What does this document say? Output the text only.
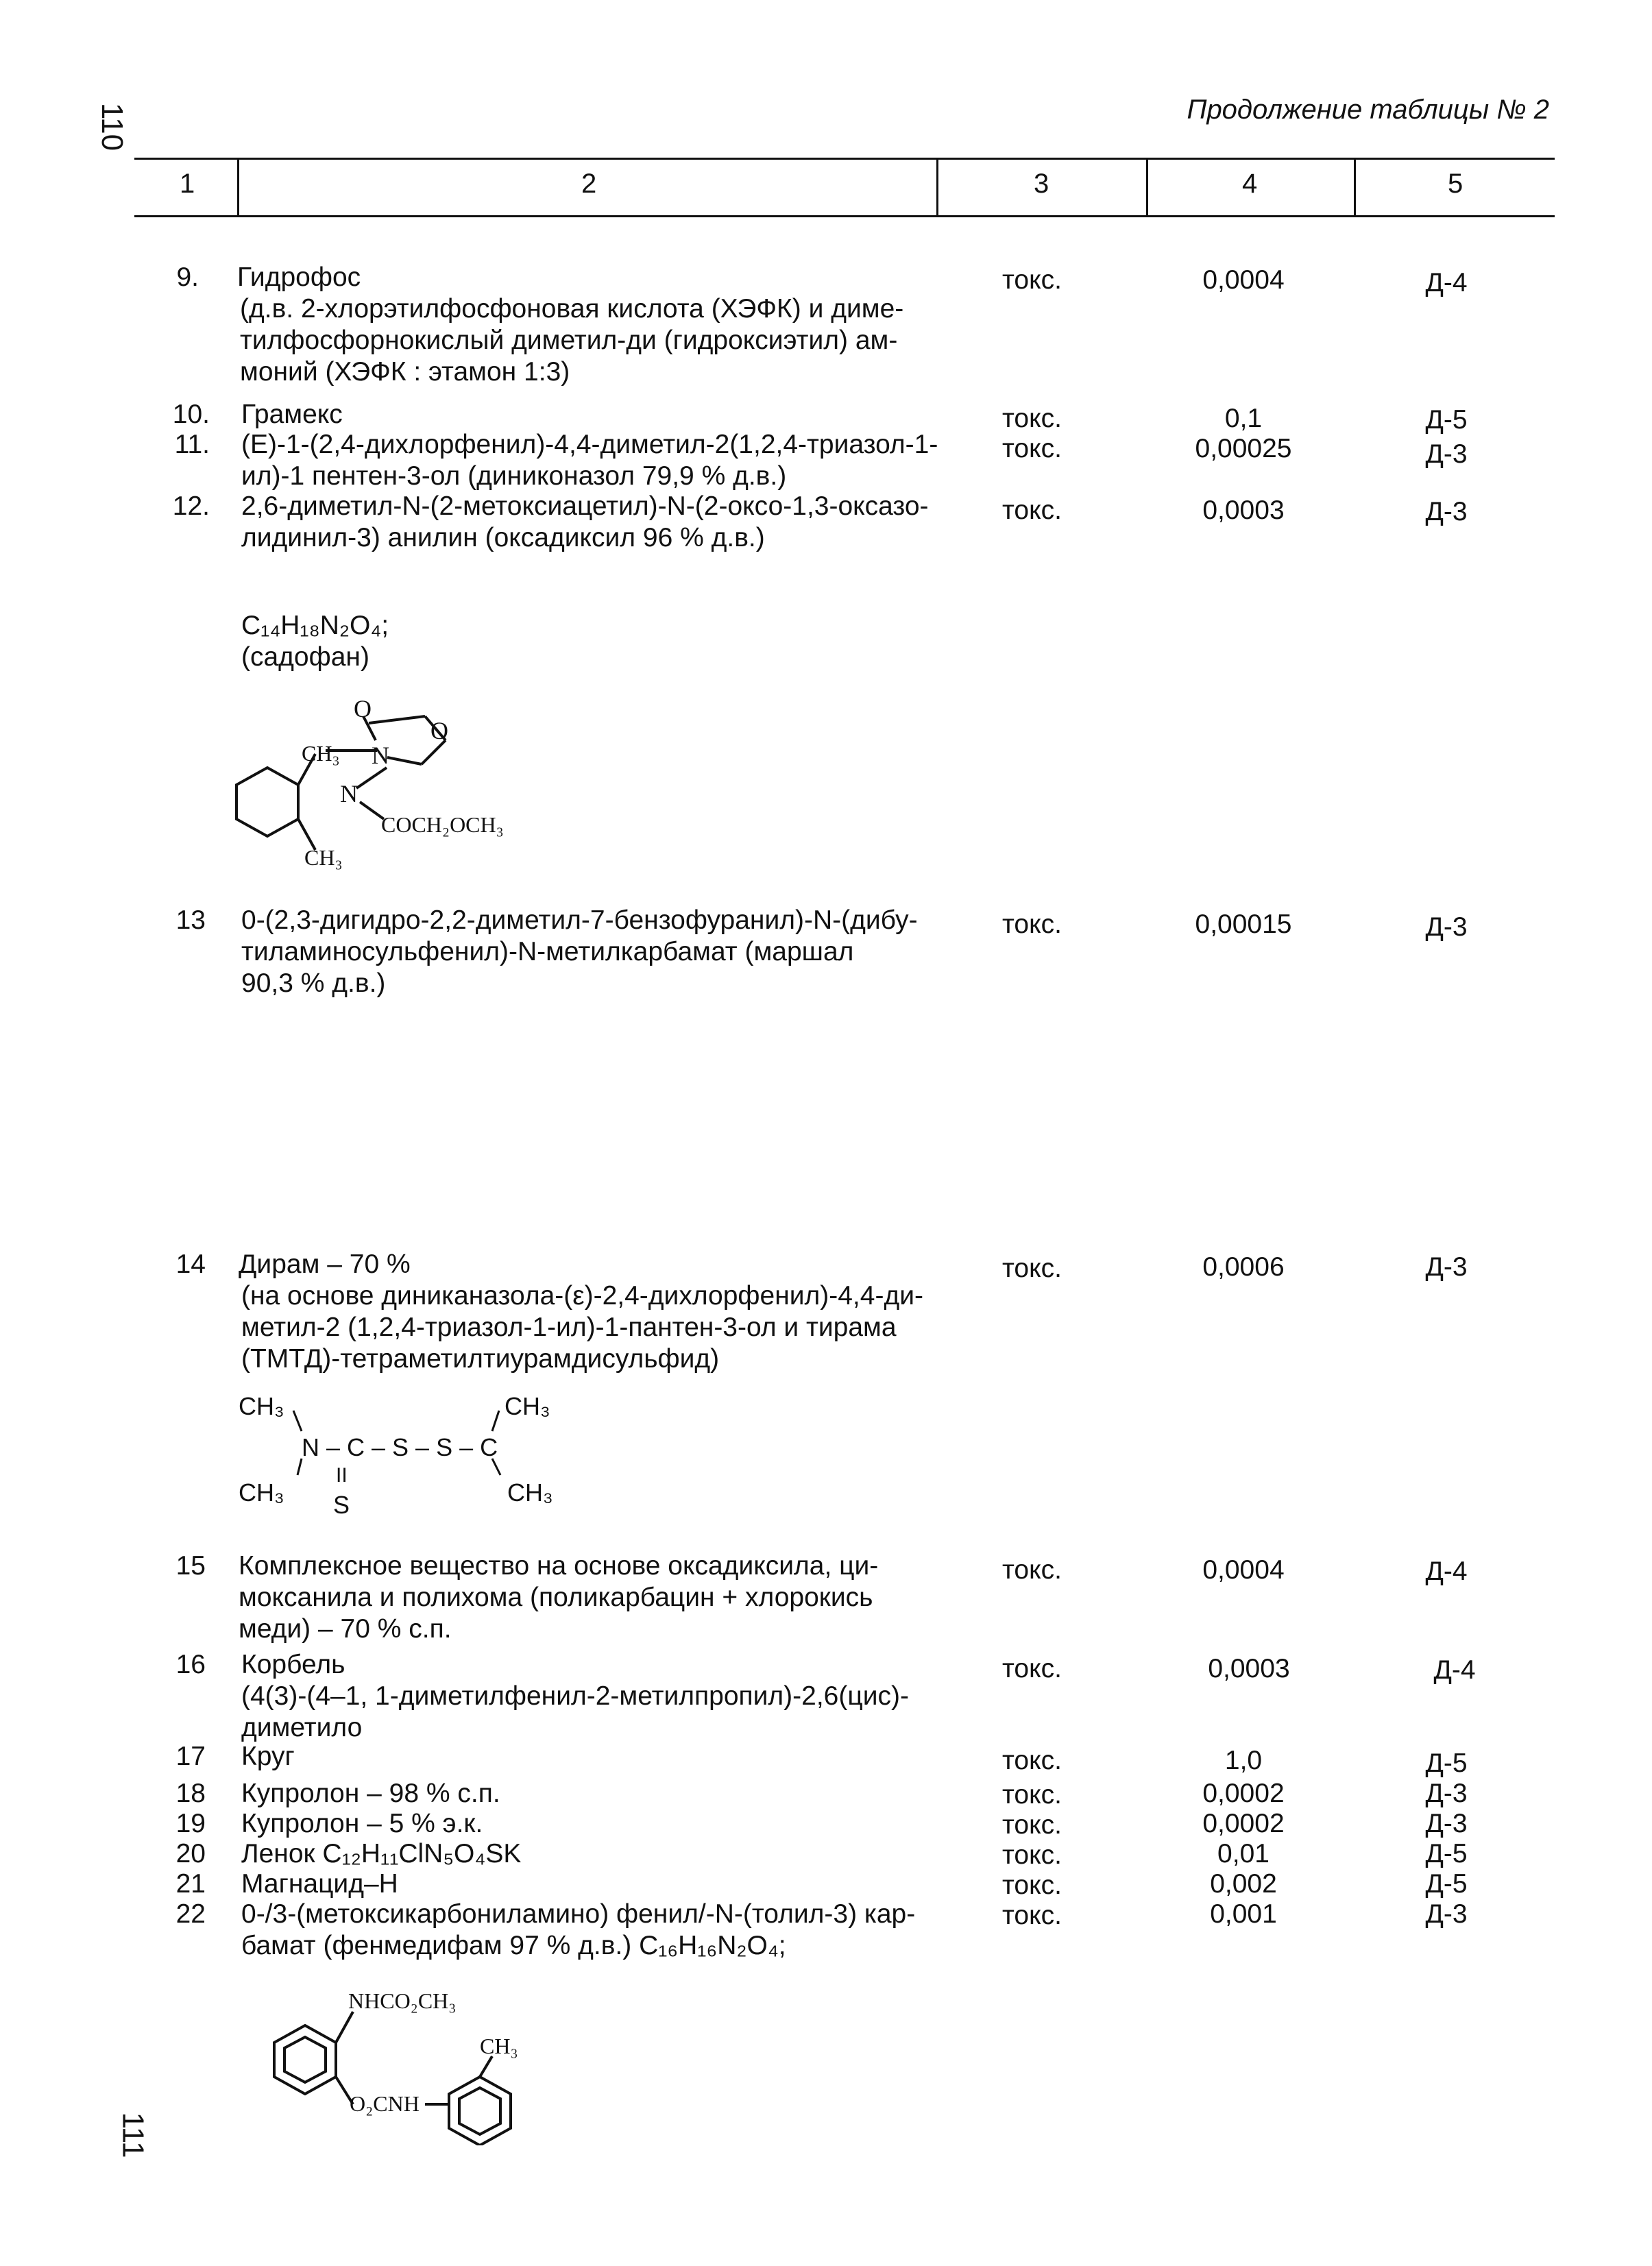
110
111
Продолжение таблицы № 2
1	2	3	4	5
9. Гидрофос
(д.в. 2-хлорэтилфосфоновая кислота (ХЭФК) и диме-
тилфосфорнокислый диметил-ди (гидроксиэтил) ам-
моний (ХЭФК : этамон 1:3)
токс.	0,0004	Д-4
10. Грамекс	токс.	0,1	Д-5
11. (Е)-1-(2,4-дихлорфенил)-4,4-диметил-2(1,2,4-триазол-1-
ил)-1 пентен-3-ол (диниконазол 79,9 % д.в.)
токс.	0,00025	Д-3
12. 2,6-диметил-N-(2-метоксиацетил)-N-(2-оксо-1,3-оксазо-
лидинил-3) анилин (оксадиксил 96 % д.в.)
токс.	0,0003	Д-3
C₁₄H₁₈N₂O₄;
(садофан)
O
O
N
N
CH₃
CH₃
COCH₂OCH₃
13 0-(2,3-дигидро-2,2-диметил-7-бензофуранил)-N-(дибу-
тиламиносульфенил)-N-метилкарбамат (маршал
90,3 % д.в.)
токс.	0,00015	Д-3
14 Дирам – 70 %
(на основе диниканазола-(ε)-2,4-дихлорфенил)-4,4-ди-
метил-2 (1,2,4-триазол-1-ил)-1-пантен-3-ол и тирама
(ТМТД)-тетраметилтиурамдисульфид)
токс.	0,0006	Д-3
CH₃
CH₃
CH₃
CH₃
N – C – S – S – C
II
S
15 Комплексное вещество на основе оксадиксила, ци-
моксанила и полихома (поликарбацин + хлорокись
меди) – 70 % с.п.
токс.	0,0004	Д-4
16 Корбель
(4(3)-(4–1, 1-диметилфенил-2-метилпропил)-2,6(цис)-
диметило
токс.	0,0003	Д-4
17 Круг	токс.	1,0	Д-5
18 Купролон – 98 % с.п.	токс.	0,0002	Д-3
19 Купролон – 5 % э.к.	токс.	0,0002	Д-3
20 Ленок C₁₂H₁₁ClN₅O₄SK	токс.	0,01	Д-5
21 Магнацид–Н	токс.	0,002	Д-5
22 0-/3-(метоксикарбониламино) фенил/-N-(толил-3) кар-
бамат (фенмедифам 97 % д.в.) C₁₆H₁₆N₂O₄;
токс.	0,001	Д-3
NHCO₂CH₃
O₂CNH
CH₃
